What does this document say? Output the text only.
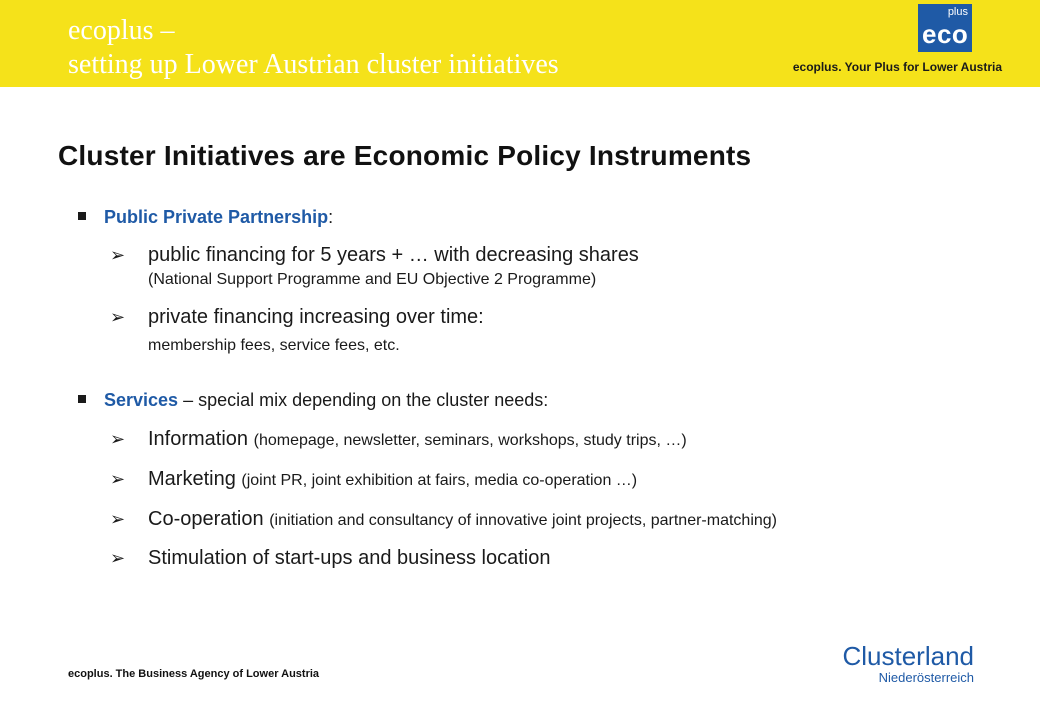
ecoplus –
setting up Lower Austrian cluster initiatives
plus
eco
ecoplus. Your Plus for Lower Austria
Cluster Initiatives are Economic Policy Instruments
Public Private Partnership:
➢ public financing for 5 years + … with decreasing shares
(National Support Programme and EU Objective 2 Programme)
➢ private financing increasing over time:
membership fees, service fees, etc.
Services – special mix depending on the cluster needs:
➢ Information (homepage, newsletter, seminars, workshops, study trips, …)
➢ Marketing (joint PR, joint exhibition at fairs, media co-operation …)
➢ Co-operation (initiation and consultancy of innovative joint projects, partner-matching)
➢ Stimulation of start-ups and business location
ecoplus. The Business Agency of Lower Austria
Clusterland
Niederösterreich
